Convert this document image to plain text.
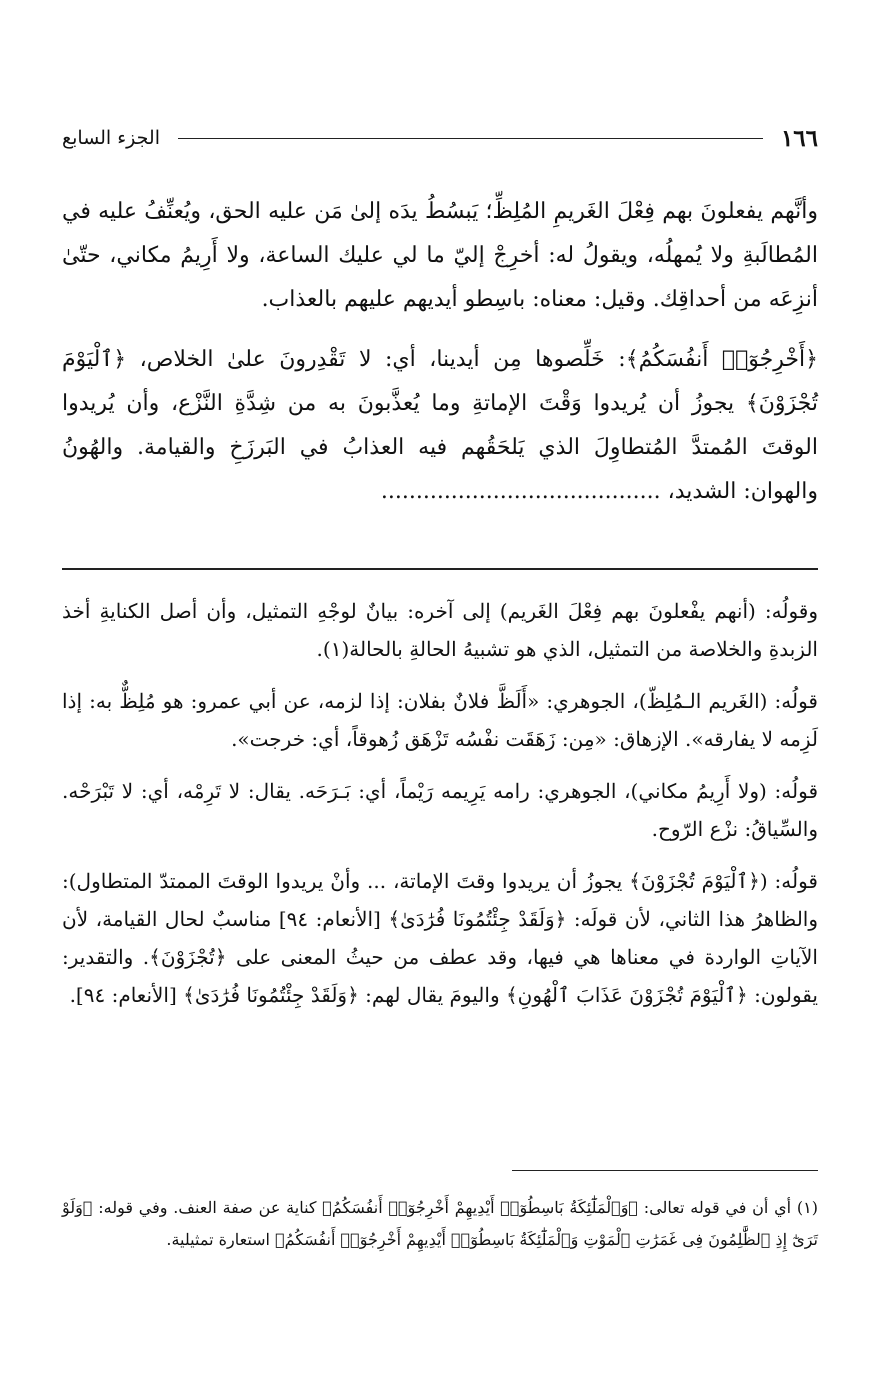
١٦٦
الجزء السابع

وأنَّهم يفعلونَ بهم فِعْلَ الغَريمِ المُلِظِّ؛ يَبسُطُ يدَه إلىٰ مَن عليه الحق، ويُعنِّفُ عليه في المُطالَبةِ ولا يُمهلُه، ويقولُ له: أخرِجْ إليّ ما لي عليك الساعة، ولا أَرِيمُ مكاني، حتّىٰ أنزِعَه من أحداقِك. وقيل: معناه: باسِطو أيديهم عليهم بالعذاب.

﴿أَخْرِجُوٓا۟ أَنفُسَكُمُ﴾: خَلِّصوها مِن أيدينا، أي: لا تَقْدِرونَ علىٰ الخلاص، ﴿ٱلْيَوْمَ تُجْزَوْنَ﴾ يجوزُ أن يُريدوا وَقْتَ الإماتةِ وما يُعذَّبونَ به من شِدَّةِ النَّزْع، وأن يُريدوا الوقتَ المُمتدَّ المُتطاوِلَ الذي يَلحَقُهم فيه العذابُ في البَرزَخِ والقيامة. والهُونُ والهوان: الشديد، ........................................

وقولُه: (أنهم يفْعلونَ بهم فِعْلَ الغَريم) إلى آخره: بيانٌ لوجْهِ التمثيل، وأن أصل الكنايةِ أخذ الزبدةِ والخلاصة من التمثيل، الذي هو تشبيهُ الحالةِ بالحالة(١).

قولُه: (الغَريم الـمُلِظّ)، الجوهري: «أَلَظَّ فلانٌ بفلان: إذا لزمه، عن أبي عمرو: هو مُلِظٌّ به: إذا لَزِمه لا يفارقه». الإزهاق: «مِن: زَهَقَت نفْسُه تَزْهَق زُهوقاً، أي: خرجت».

قولُه: (ولا أَرِيمُ مكاني)، الجوهري: رامه يَرِيمه رَيْماً، أي: بَـرَحَه. يقال: لا تَرِمْه، أي: لا تَبْرَحْه. والسِّياقُ: نزْع الرّوح.

قولُه: (﴿ٱلْيَوْمَ تُجْزَوْنَ﴾ يجوزُ أن يريدوا وقتَ الإماتة، ... وأنْ يريدوا الوقتَ الممتدّ المتطاول): والظاهرُ هذا الثاني، لأن قولَه: ﴿وَلَقَدْ جِئْتُمُونَا فُرَٰدَىٰ﴾ [الأنعام: ٩٤] مناسبٌ لحال القيامة، لأن الآياتِ الواردة في معناها هي فيها، وقد عطف من حيثُ المعنى على ﴿تُجْزَوْنَ﴾. والتقدير: يقولون: ﴿ٱلْيَوْمَ تُجْزَوْنَ عَذَابَ ٱلْهُونِ﴾ واليومَ يقال لهم: ﴿وَلَقَدْ جِئْتُمُونَا فُرَٰدَىٰ﴾ [الأنعام: ٩٤].

(١) أي أن في قوله تعالى: ﴿وَٱلْمَلَٰٓئِكَةُ بَاسِطُوٓا۟ أَيْدِيهِمْ أَخْرِجُوٓا۟ أَنفُسَكُمُ﴾ كناية عن صفة العنف. وفي قوله: ﴿وَلَوْ تَرَىٰٓ إِذِ ٱلظَّٰلِمُونَ فِى غَمَرَٰتِ ٱلْمَوْتِ وَٱلْمَلَٰٓئِكَةُ بَاسِطُوٓا۟ أَيْدِيهِمْ أَخْرِجُوٓا۟ أَنفُسَكُمُ﴾ استعارة تمثيلية.
